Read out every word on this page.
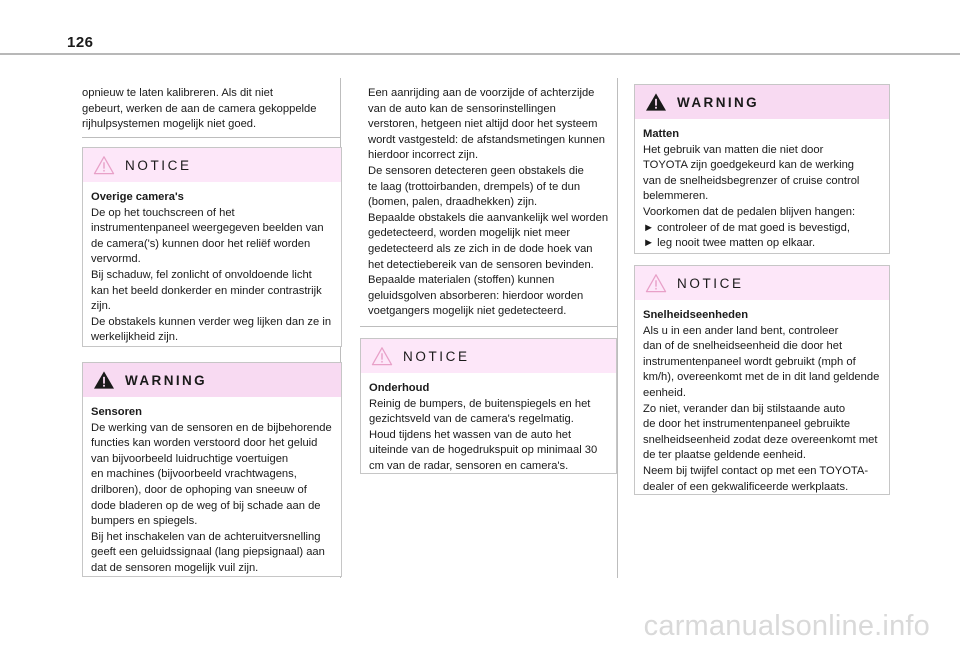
126

opnieuw te laten kalibreren. Als dit niet
gebeurt, werken de aan de camera gekoppelde
rijhulpsystemen mogelijk niet goed.

NOTICE
Overige camera's
De op het touchscreen of het
instrumentenpaneel weergegeven beelden van
de camera('s) kunnen door het reliëf worden
vervormd.
Bij schaduw, fel zonlicht of onvoldoende licht
kan het beeld donkerder en minder contrastrijk
zijn.
De obstakels kunnen verder weg lijken dan ze in
werkelijkheid zijn.
WARNING
Sensoren
De werking van de sensoren en de bijbehorende
functies kan worden verstoord door het geluid
van bijvoorbeeld luidruchtige voertuigen
en machines (bijvoorbeeld vrachtwagens,
drilboren), door de ophoping van sneeuw of
dode bladeren op de weg of bij schade aan de
bumpers en spiegels.
Bij het inschakelen van de achteruitversnelling
geeft een geluidssignaal (lang piepsignaal) aan
dat de sensoren mogelijk vuil zijn.

Een aanrijding aan de voorzijde of achterzijde
van de auto kan de sensorinstellingen
verstoren, hetgeen niet altijd door het systeem
wordt vastgesteld: de afstandsmetingen kunnen
hierdoor incorrect zijn.
De sensoren detecteren geen obstakels die
te laag (trottoirbanden, drempels) of te dun
(bomen, palen, draadhekken) zijn.
Bepaalde obstakels die aanvankelijk wel worden
gedetecteerd, worden mogelijk niet meer
gedetecteerd als ze zich in de dode hoek van
het detectiebereik van de sensoren bevinden.
Bepaalde materialen (stoffen) kunnen
geluidsgolven absorberen: hierdoor worden
voetgangers mogelijk niet gedetecteerd.

NOTICE
Onderhoud
Reinig de bumpers, de buitenspiegels en het
gezichtsveld van de camera's regelmatig.
Houd tijdens het wassen van de auto het
uiteinde van de hogedrukspuit op minimaal 30
cm van de radar, sensoren en camera's.
WARNING
Matten
Het gebruik van matten die niet door
TOYOTA zijn goedgekeurd kan de werking
van de snelheidsbegrenzer of cruise control
belemmeren.
Voorkomen dat de pedalen blijven hangen:
► controleer of de mat goed is bevestigd,
► leg nooit twee matten op elkaar.
NOTICE
Snelheidseenheden
Als u in een ander land bent, controleer
dan of de snelheidseenheid die door het
instrumentenpaneel wordt gebruikt (mph of
km/h), overeenkomt met de in dit land geldende
eenheid.
Zo niet, verander dan bij stilstaande auto
de door het instrumentenpaneel gebruikte
snelheidseenheid zodat deze overeenkomt met
de ter plaatse geldende eenheid.
Neem bij twijfel contact op met een TOYOTA-
dealer of een gekwalificeerde werkplaats.
carmanualsonline.info
